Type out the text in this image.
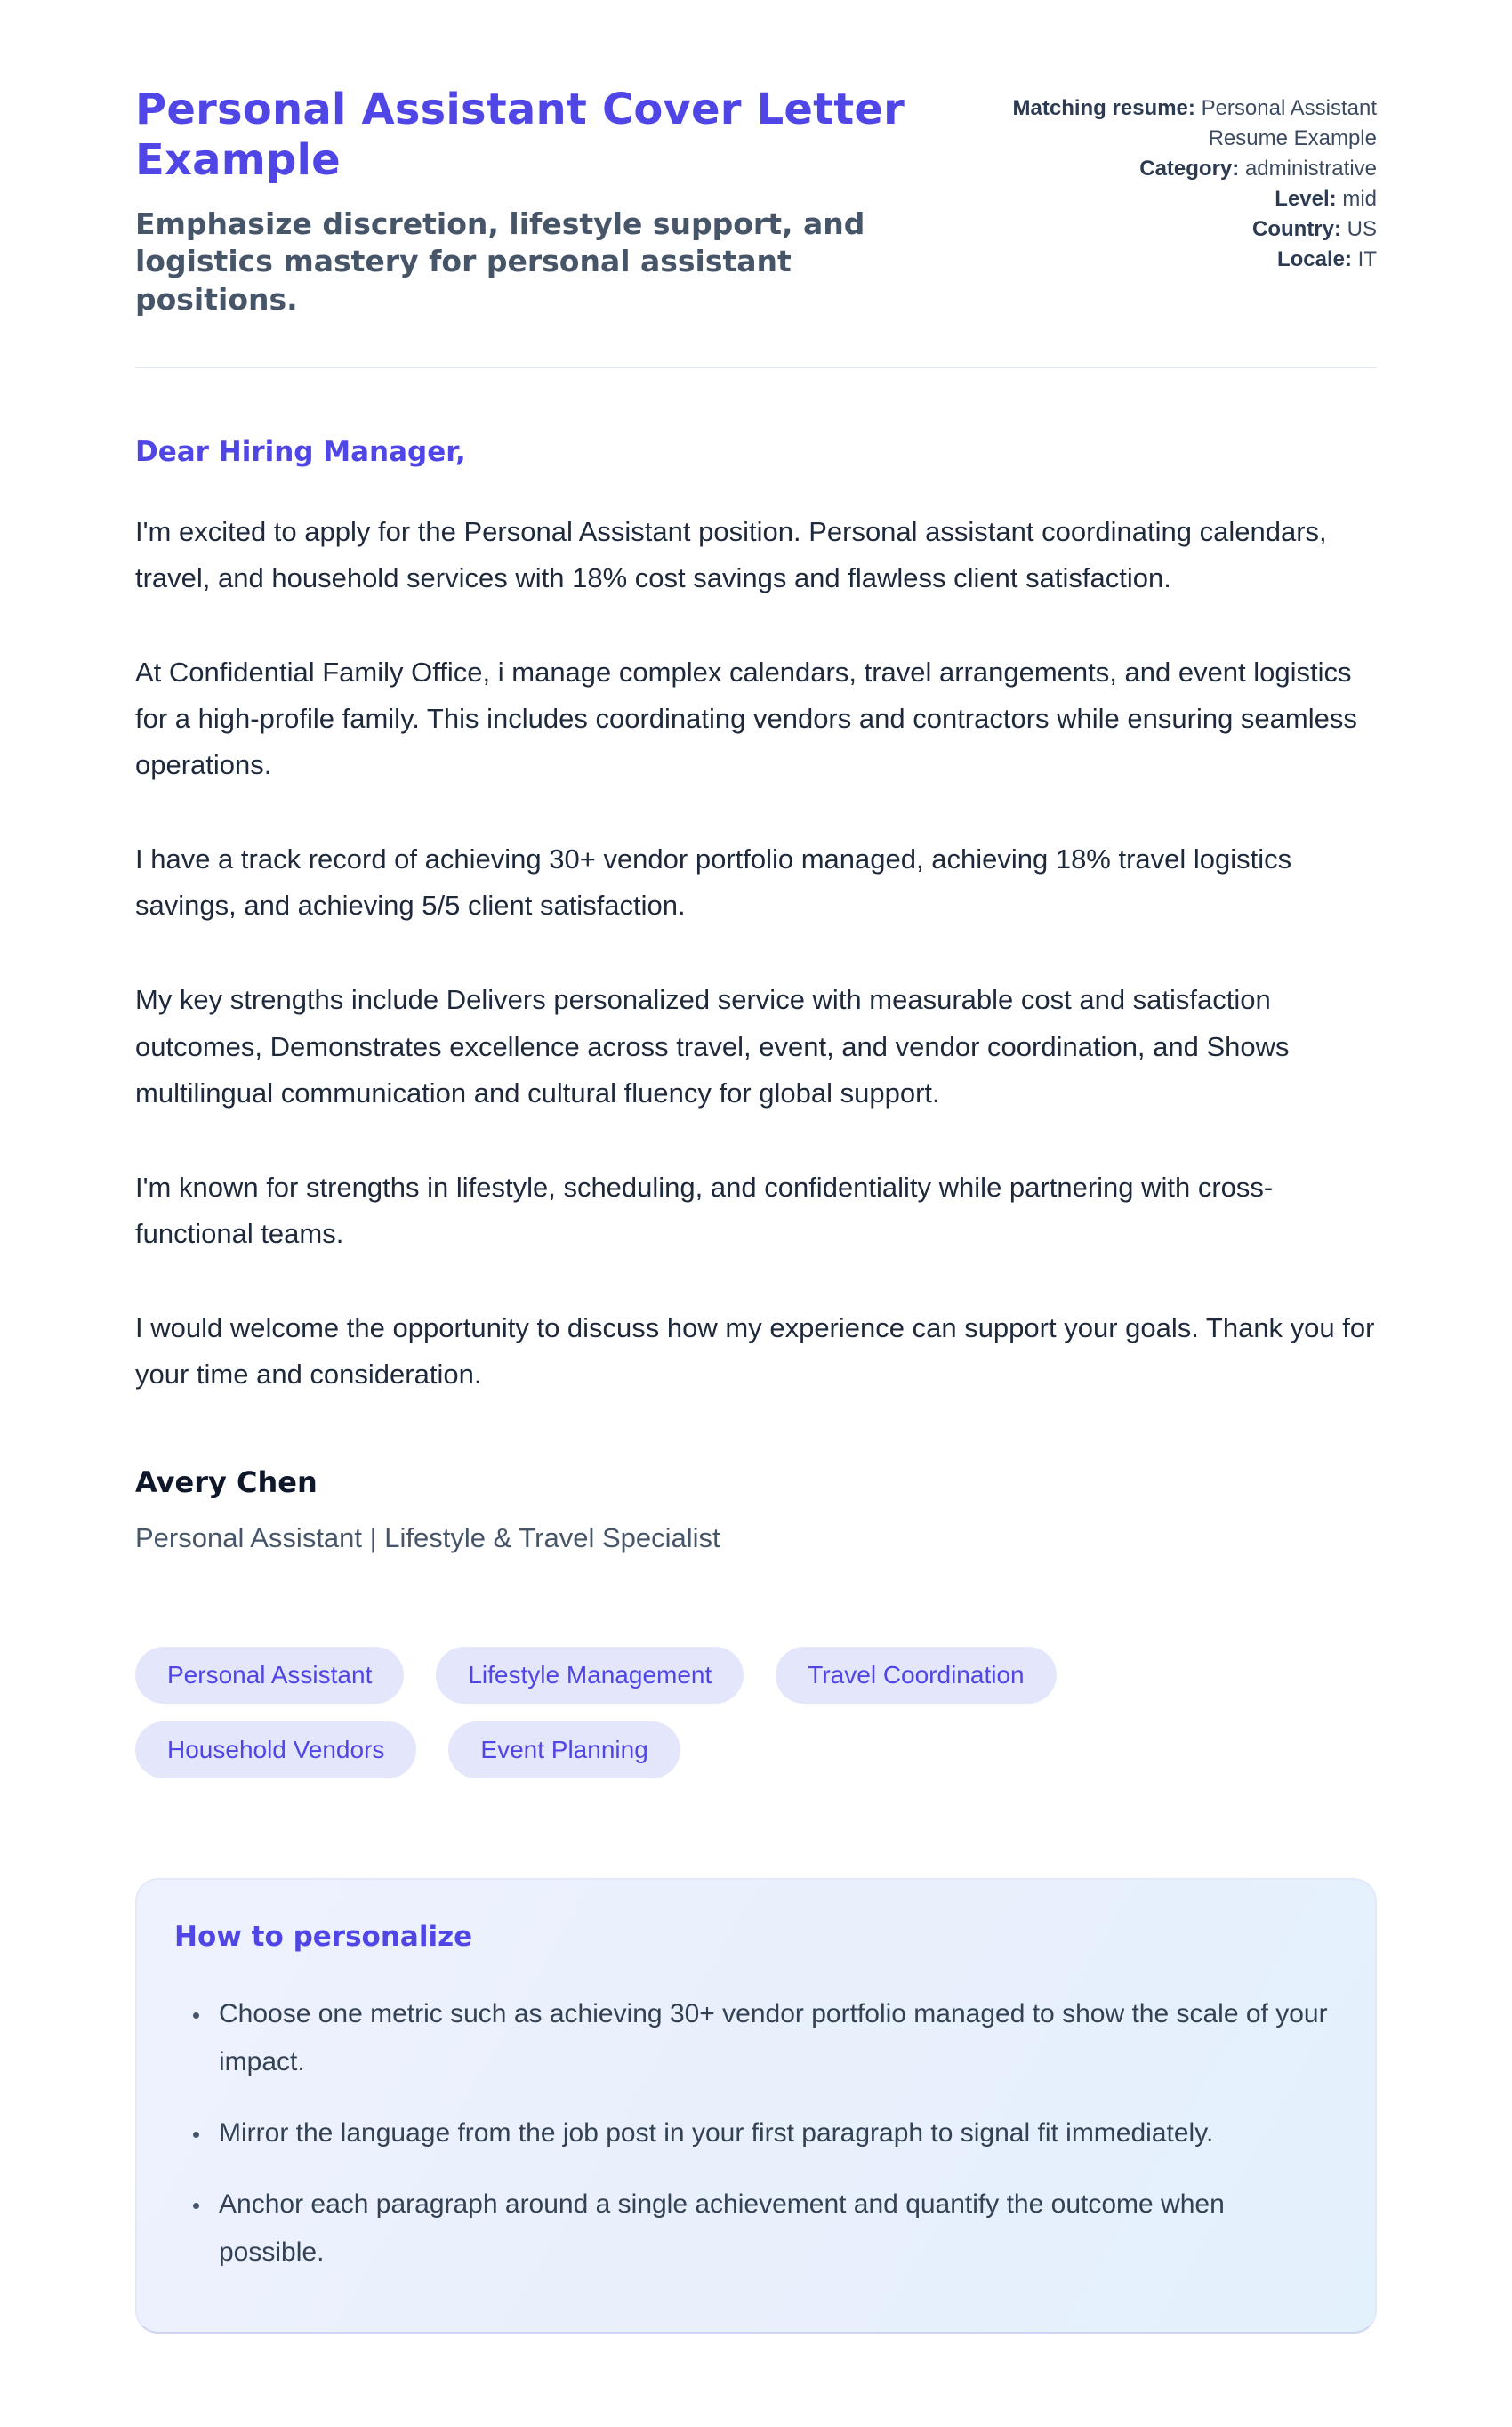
Personal Assistant Cover Letter Example
Emphasize discretion, lifestyle support, and logistics mastery for personal assistant positions.
Matching resume: Personal Assistant Resume Example
Category: administrative
Level: mid
Country: US
Locale: IT
Dear Hiring Manager,

I'm excited to apply for the Personal Assistant position. Personal assistant coordinating calendars, travel, and household services with 18% cost savings and flawless client satisfaction.

At Confidential Family Office, i manage complex calendars, travel arrangements, and event logistics for a high-profile family. This includes coordinating vendors and contractors while ensuring seamless operations.

I have a track record of achieving 30+ vendor portfolio managed, achieving 18% travel logistics savings, and achieving 5/5 client satisfaction.

My key strengths include Delivers personalized service with measurable cost and satisfaction outcomes, Demonstrates excellence across travel, event, and vendor coordination, and Shows multilingual communication and cultural fluency for global support.

I'm known for strengths in lifestyle, scheduling, and confidentiality while partnering with cross-functional teams.

I would welcome the opportunity to discuss how my experience can support your goals. Thank you for your time and consideration.

Avery Chen
Personal Assistant | Lifestyle & Travel Specialist
Personal Assistant	Lifestyle Management	Travel Coordination
Household Vendors	Event Planning
How to personalize
• Choose one metric such as achieving 30+ vendor portfolio managed to show the scale of your impact.
• Mirror the language from the job post in your first paragraph to signal fit immediately.
• Anchor each paragraph around a single achievement and quantify the outcome when possible.
